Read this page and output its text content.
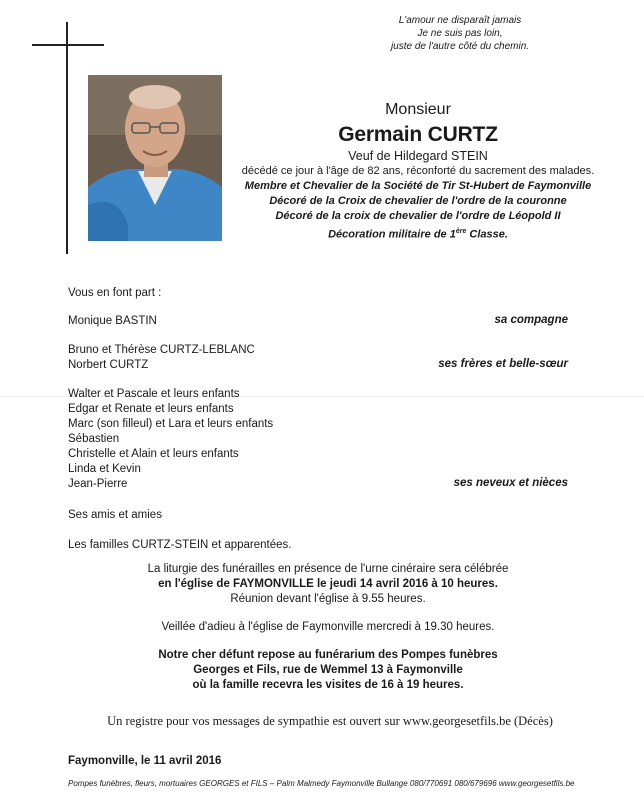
L'amour ne disparaît jamais
Je ne suis pas loin,
juste de l'autre côté du chemin.
Monsieur
Germain CURTZ
Veuf de Hildegard STEIN
décédé ce jour à l'âge de 82 ans, réconforté du sacrement des malades.
Membre et Chevalier de la Société de Tir St-Hubert de Faymonville
Décoré de la Croix de chevalier de l'ordre de la couronne
Décoré de la croix de chevalier de l'ordre de Léopold II
Décoration militaire de 1ère Classe.
Vous en font part :
Monique BASTIN	sa compagne
Bruno et Thérèse CURTZ-LEBLANC
Norbert CURTZ	ses frères et belle-sœur
Walter et Pascale et leurs enfants
Edgar et Renate et leurs enfants
Marc (son filleul) et Lara et leurs enfants
Sébastien
Christelle et Alain et leurs enfants
Linda et Kevin
Jean-Pierre	ses neveux et nièces
Ses amis et amies
Les familles CURTZ-STEIN et apparentées.
La liturgie des funérailles en présence de l'urne cinéraire sera célébrée
en l'église de FAYMONVILLE le jeudi 14 avril 2016 à 10 heures.
Réunion devant l'église à 9.55 heures.
Veillée d'adieu à l'église de Faymonville mercredi à 19.30 heures.
Notre cher défunt repose au funérarium des Pompes funèbres
Georges et Fils, rue de Wemmel 13 à Faymonville
où la famille recevra les visites de 16 à 19 heures.
Un registre pour vos messages de sympathie est ouvert sur www.georgesetfils.be (Décès)
Faymonville, le 11 avril 2016
Pompes funèbres, fleurs, mortuaires GEORGES et FILS – Palm Malmedy Faymonville Bullange 080/770691 080/679696 www.georgesetfils.be
